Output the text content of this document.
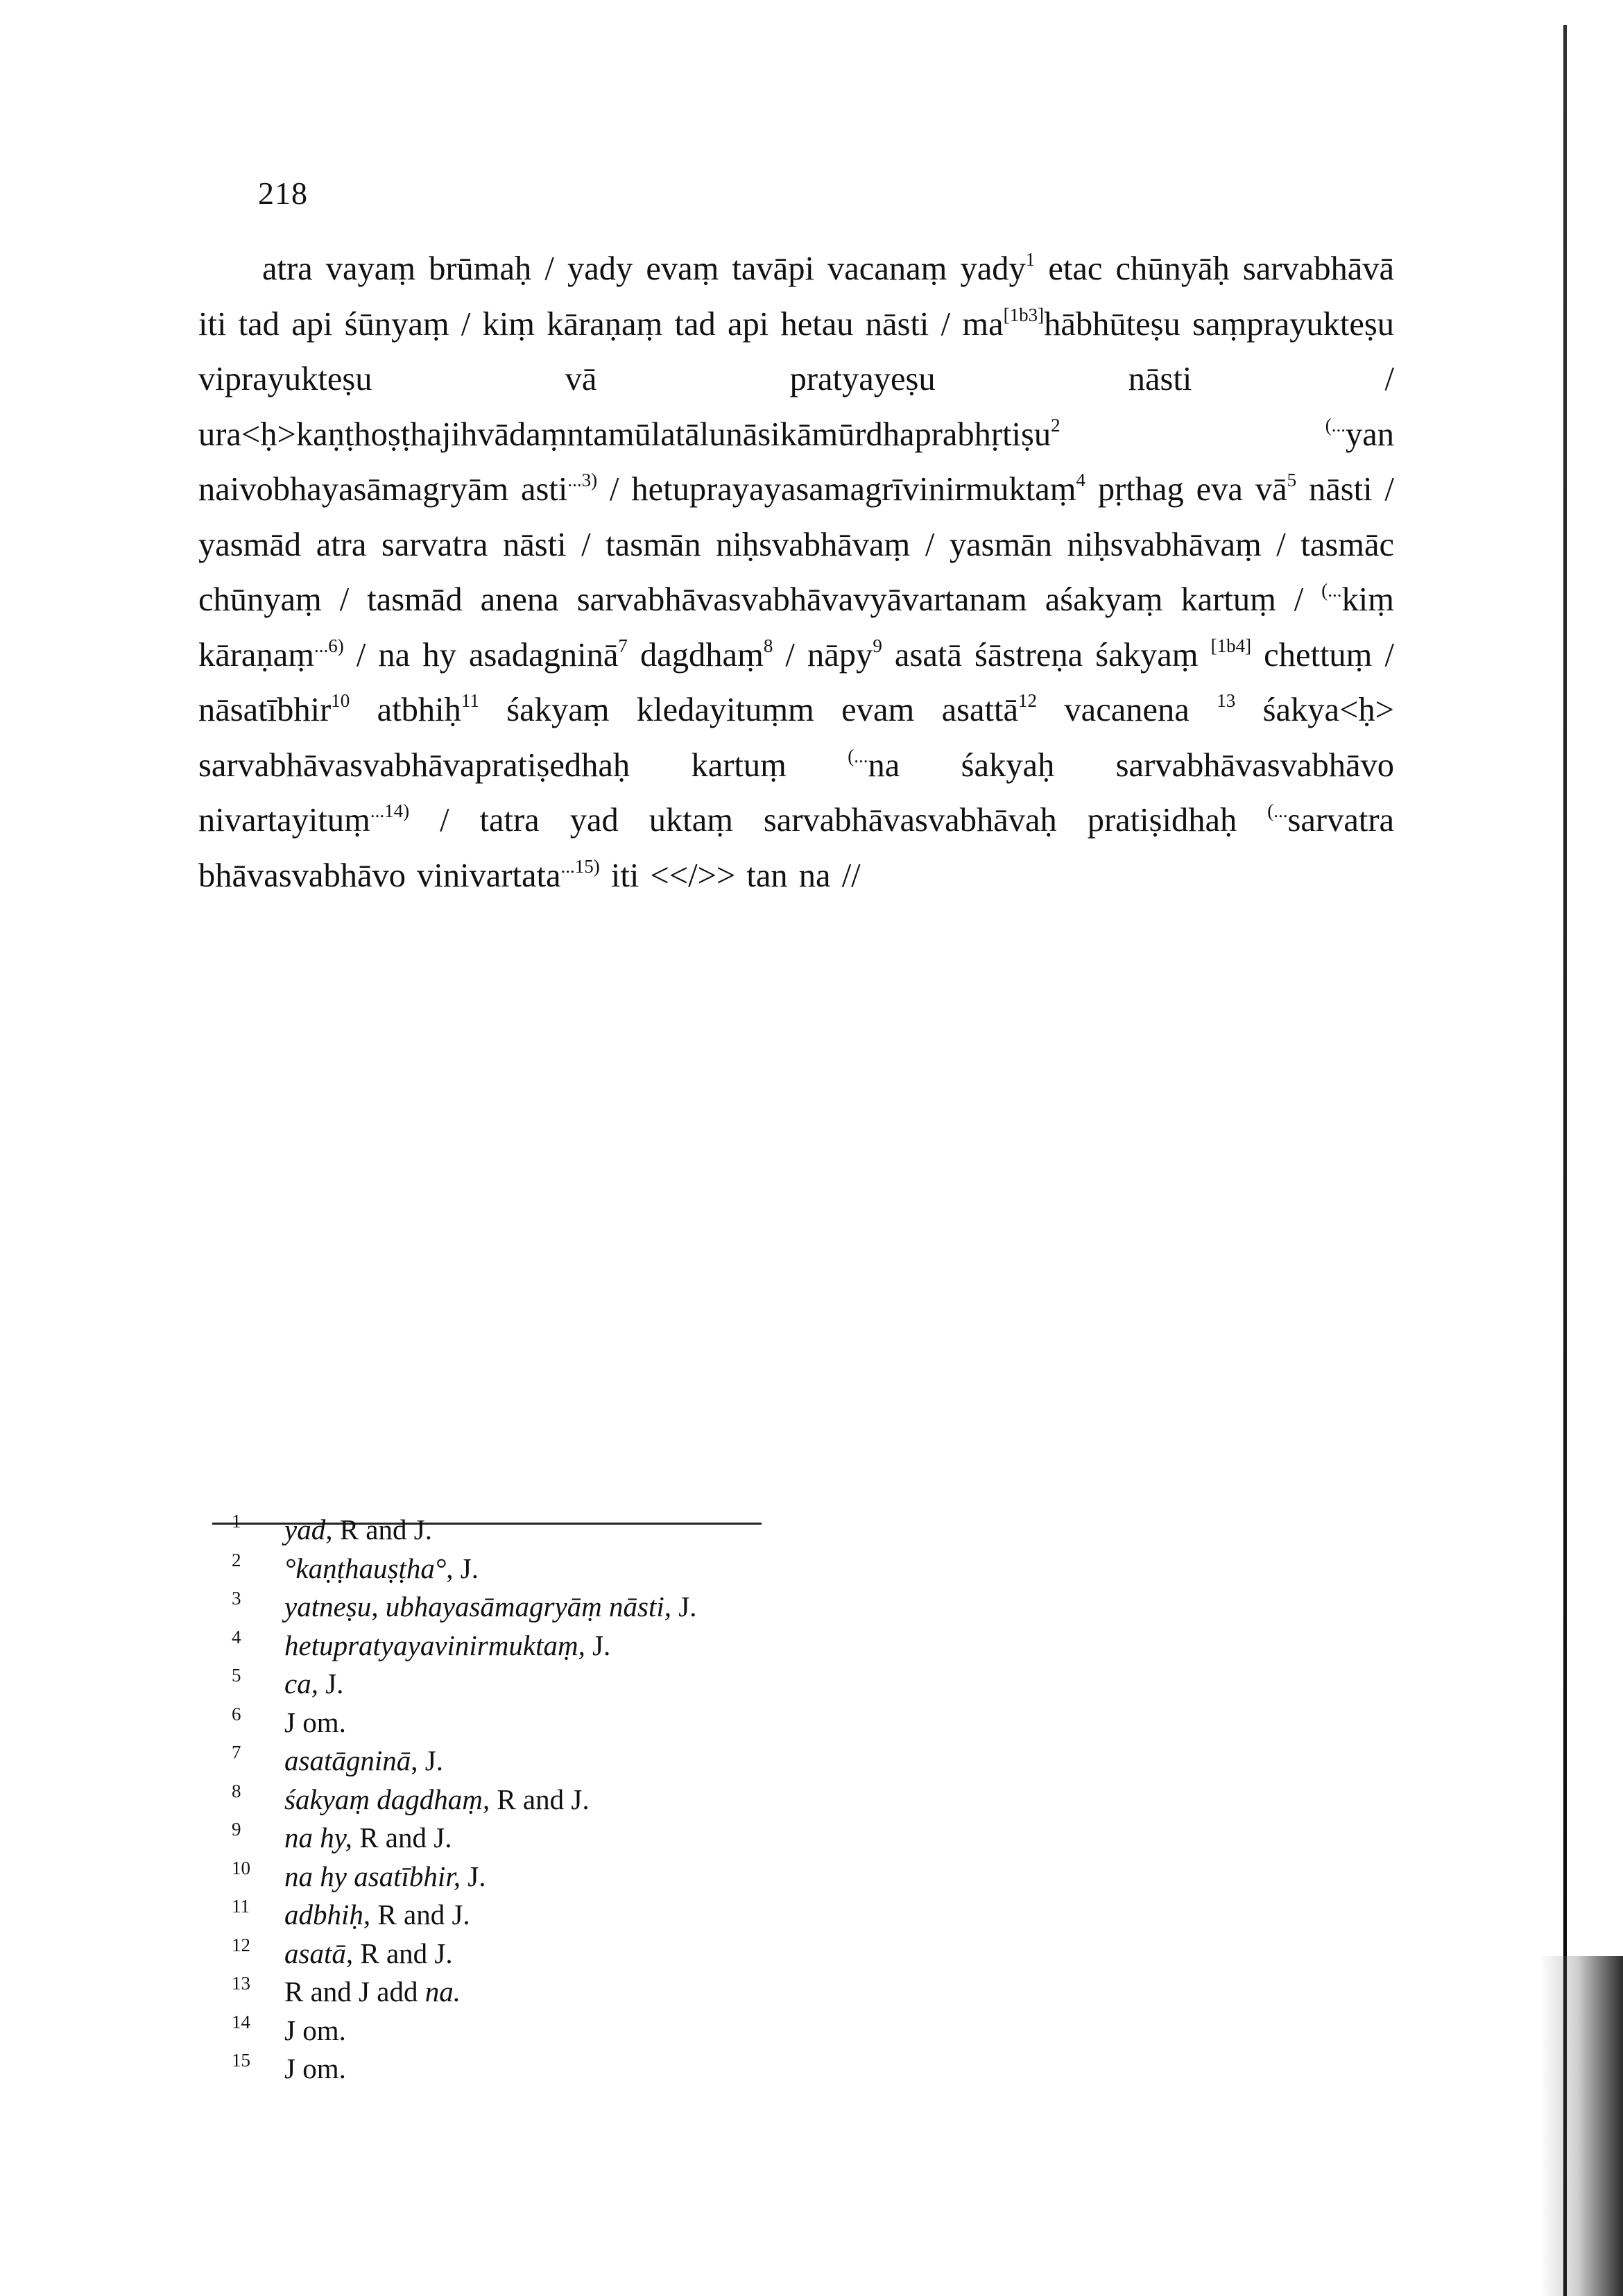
218

atra vayaṃ brūmaḥ / yady evaṃ tavāpi vacanaṃ yady$^1$ etac chūnyāḥ sarvabhāvā iti tad api śūnyaṃ / kiṃ kāraṇaṃ tad api hetau nāsti / ma[1b3]hābhūteṣu saṃprayukteṣu viprayukteṣu vā pratyayeṣu nāsti / ura<ḥ>kaṇṭhoṣṭhajihvādaṃntamūlatālunāsikāmūrdhaprabhṛtiṣu$^{2 (...}$yan naivobhayasāmagryām asti$^{...3)}$ / hetuprayayasamagrīvinirmuktaṃ$^4$ pṛthag eva $vā^5$ nāsti / yasmād atra sarvatra nāsti / tasmān niḥsvabhāvaṃ / yasmān niḥsvabhāvaṃ / tasmāc chūnyaṃ / tasmād anena sarvabhāvasvabhāvavyāvartanam aśakyaṃ kartuṃ / (...kiṃ kāraṇaṃ$^{...6)}$ / na hy asadagninā$^7$ dagdhaṃ$^8$ / nāpy$^9$ asatā śāstreṇa śakyaṃ [1b4] chettuṃ / nāsatībhir$^{10}$ atbhiḥ$^{11}$ śakyaṃ kledayituṃm evam asattā$^{12}$ vacanena $^{13}$ śakya<ḥ> sarvabhāvasvabhāvapratiṣedhaḥ kartuṃ (...na śakyaḥ sarvabhāvasvabhāvo nivartayituṃ$^{...14)}$ / tatra yad uktaṃ sarvabhāvasvabhāvaḥ pratiṣidhaḥ (...sarvatra bhāvasvabhāvo vinivartata$^{...15)}$ iti <</>> tan na //

1 yad, R and J.
2 °kaṇṭhauṣṭha°, J.
3 yatneṣu, ubhayasāmagryāṃ nāsti, J.
4 hetupratyayavinirmuktaṃ, J.
5 ca, J.
6 J om.
7 asatāgninā, J.
8 śakyaṃ dagdhaṃ, R and J.
9 na hy, R and J.
10 na hy asatībhir, J.
11 adbhiḥ, R and J.
12 asatā, R and J.
13 R and J add na.
14 J om.
15 J om.
